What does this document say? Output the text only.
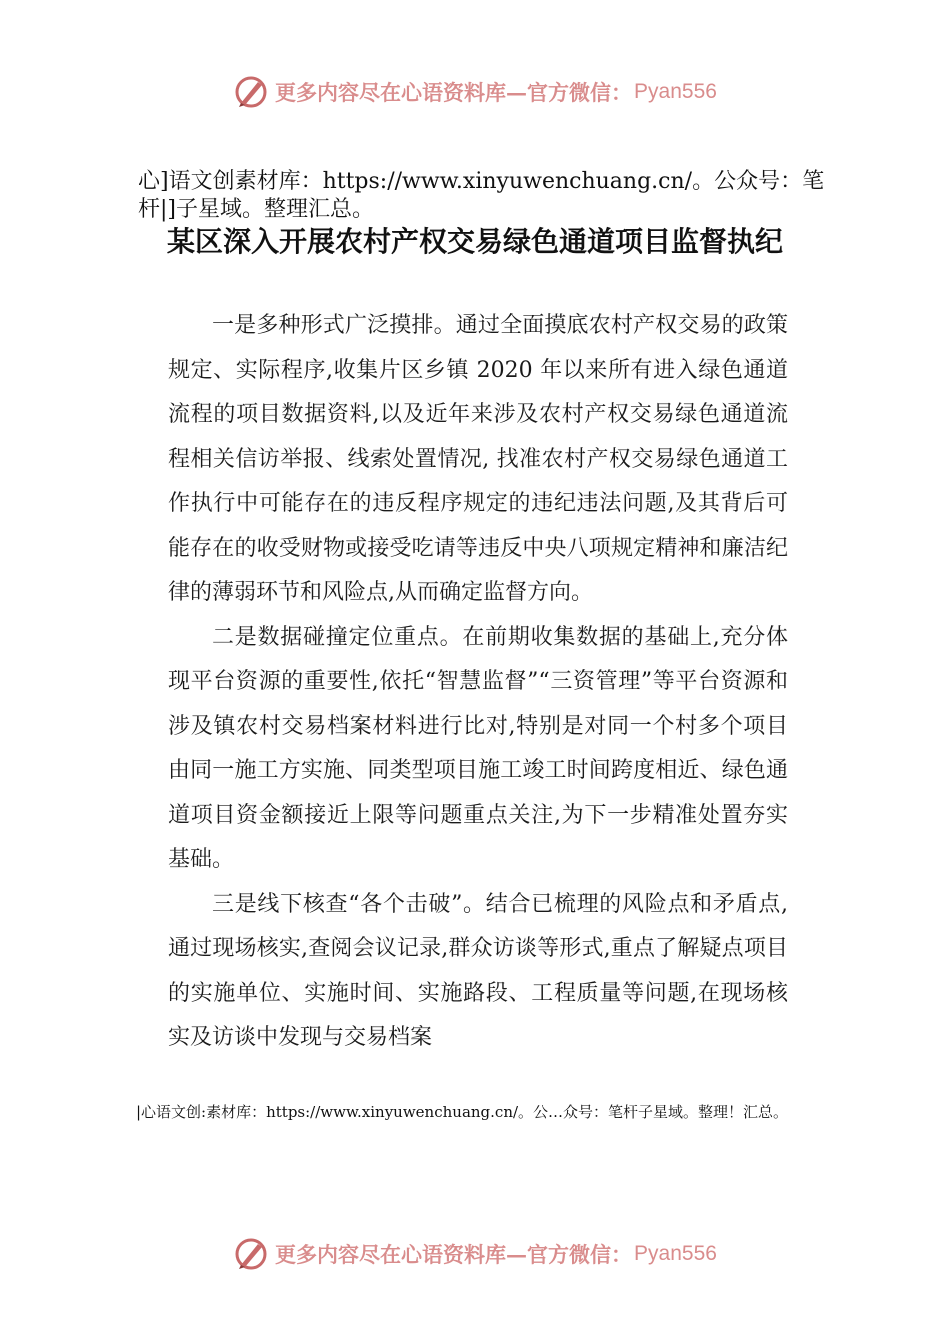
更多内容尽在心语资料库—官方微信： Pyan556
心]语文创素材库：https://www.xinyuwenchuang.cn/。公众号：笔杆|]子星域。整理汇总。
某区深入开展农村产权交易绿色通道项目监督执纪

一是多种形式广泛摸排。通过全面摸底农村产权交易的政策规定、实际程序,收集片区乡镇 2020 年以来所有进入绿色通道流程的项目数据资料,以及近年来涉及农村产权交易绿色通道流程相关信访举报、线索处置情况, 找准农村产权交易绿色通道工作执行中可能存在的违反程序规定的违纪违法问题,及其背后可能存在的收受财物或接受吃请等违反中央八项规定精神和廉洁纪律的薄弱环节和风险点,从而确定监督方向。

二是数据碰撞定位重点。在前期收集数据的基础上,充分体现平台资源的重要性,依托“智慧监督”“三资管理”等平台资源和涉及镇农村交易档案材料进行比对,特别是对同一个村多个项目由同一施工方实施、同类型项目施工竣工时间跨度相近、绿色通道项目资金额接近上限等问题重点关注,为下一步精准处置夯实基础。

三是线下核查“各个击破”。结合已梳理的风险点和矛盾点,通过现场核实,查阅会议记录,群众访谈等形式,重点了解疑点项目的实施单位、实施时间、实施路段、工程质量等问题,在现场核实及访谈中发现与交易档案

|心语文创:素材库：https://www.xinyuwenchuang.cn/。公…众号：笔杆子星域。整理！汇总。
更多内容尽在心语资料库—官方微信： Pyan556
